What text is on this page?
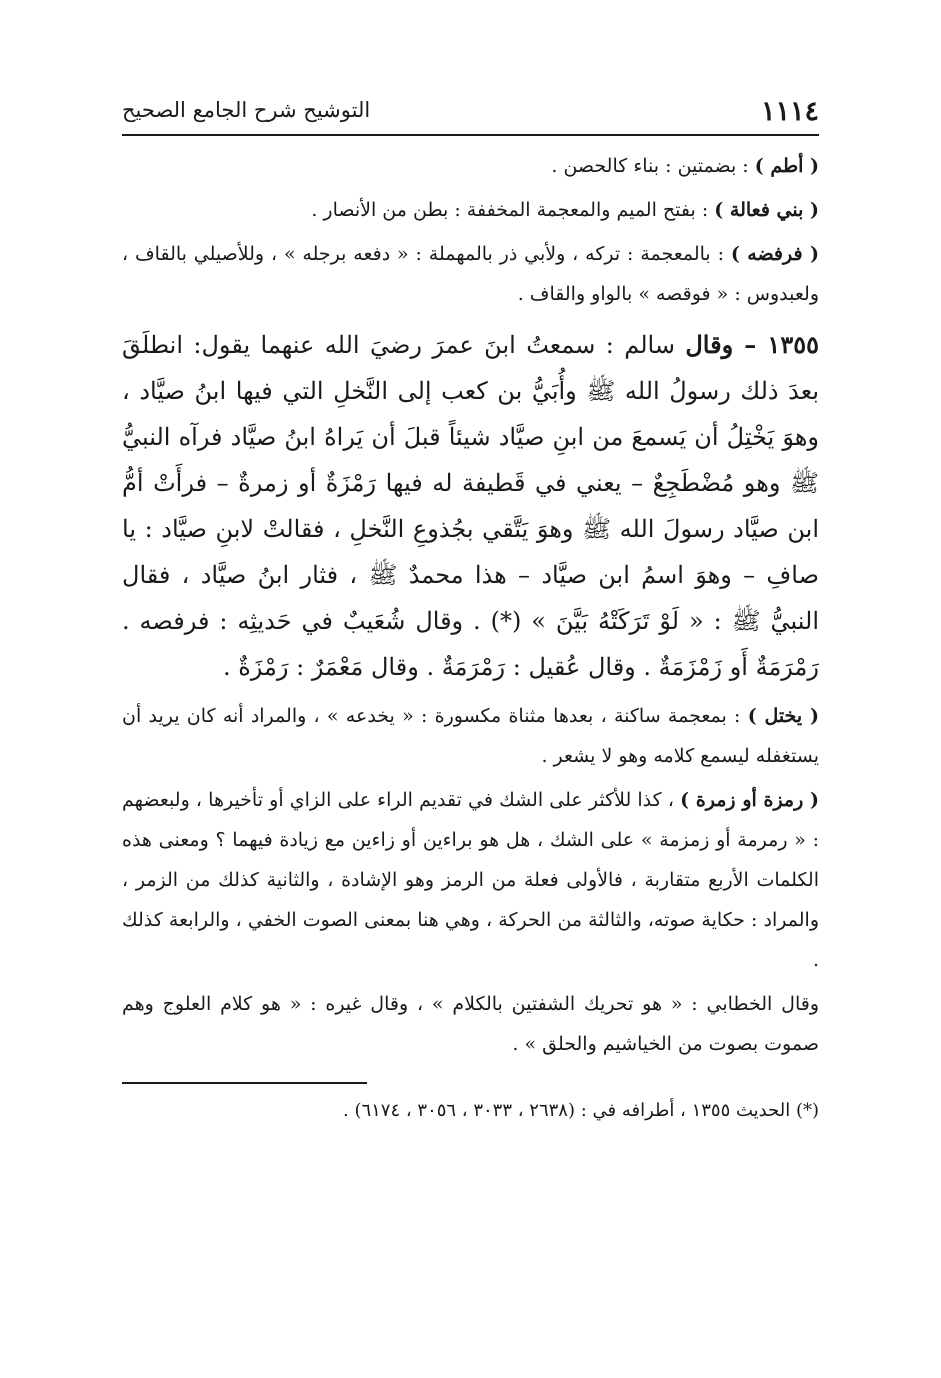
١١١٤
التوشيح شرح الجامع الصحيح

( أطم ) : بضمتين : بناء كالحصن .

( بني فعالة ) : بفتح الميم والمعجمة المخففة : بطن من الأنصار .

( فرفضه ) : بالمعجمة : تركه ، ولأبي ذر بالمهملة : « دفعه برجله » ، وللأصيلي بالقاف ، ولعبدوس : « فوقصه » بالواو والقاف .

١٣٥٥ – وقال سالم : سمعتُ ابنَ عمرَ رضيَ الله عنهما يقول: انطلَقَ بعدَ ذلك رسولُ الله ﷺ وأُبَيُّ بن كعب إلى النَّخلِ التي فيها ابنُ صيَّاد ، وهوَ يَخْتِلُ أن يَسمعَ من ابنِ صيَّاد شيئاً قبلَ أن يَراهُ ابنُ صيَّاد فرآه النبيُّ ﷺ وهو مُضْطَجِعٌ – يعني في قَطيفة له فيها رَمْزَةٌ أو زمرةٌ – فرأَتْ أمُّ ابن صيَّاد رسولَ الله ﷺ وهوَ يَتَّقي بجُذوعِ النَّخلِ ، فقالتْ لابنِ صيَّاد : يا صافِ – وهوَ اسمُ ابن صيَّاد – هذا محمدٌ ﷺ ، فثار ابنُ صيَّاد ، فقال النبيُّ ﷺ : « لَوْ تَرَكَتْهُ بَيَّنَ » (*) . وقال شُعَيبٌ في حَديثِه : فرفصه . رَمْرَمَةٌ أَو زَمْزَمَةٌ . وقال عُقيل : رَمْرَمَةٌ . وقال مَعْمَرٌ : رَمْزَةٌ .

( يختل ) : بمعجمة ساكنة ، بعدها مثناة مكسورة : « يخدعه » ، والمراد أنه كان يريد أن يستغفله ليسمع كلامه وهو لا يشعر .

( رمزة أو زمرة ) ، كذا للأكثر على الشك في تقديم الراء على الزاي أو تأخيرها ، ولبعضهم : « رمرمة أو زمزمة » على الشك ، هل هو براءين أو زاءين مع زيادة فيهما ؟ ومعنى هذه الكلمات الأربع متقاربة ، فالأولى فعلة من الرمز وهو الإشادة ، والثانية كذلك من الزمر ، والمراد : حكاية صوته، والثالثة من الحركة ، وهي هنا بمعنى الصوت الخفي ، والرابعة كذلك .

وقال الخطابي : « هو تحريك الشفتين بالكلام » ، وقال غيره : « هو كلام العلوج وهم صموت بصوت من الخياشيم والحلق » .

(*) الحديث ١٣٥٥ ، أطرافه في : (٢٦٣٨ ، ٣٠٣٣ ، ٣٠٥٦ ، ٦١٧٤) .
